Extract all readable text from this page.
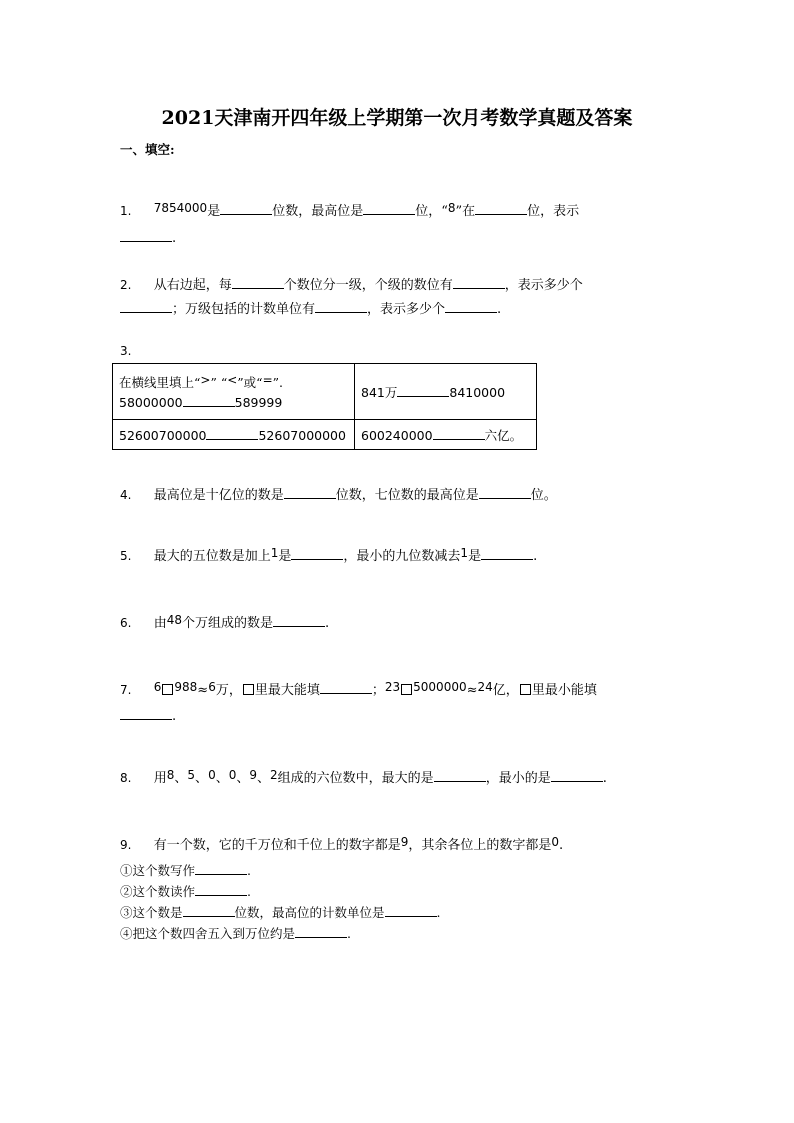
2021天津南开四年级上学期第一次月考数学真题及答案
一、填空:
1. 7854000是	位数，最高位是	位，“8”在	位，表示
.
2. 从右边起，每	个数位分一级，个级的数位有	，表示多少个
；万级包括的计数单位有	，表示多少个	.
3.
在横线里填上“>” “<”或“=”.
58000000 589999	841万 8410000
52600700000 52607000000	600240000 六亿。
4. 最高位是十亿位的数是	位数，七位数的最高位是	位。
5. 最大的五位数是加上1是	，最小的九位数减去1是	.
6. 由48个万组成的数是	.
7. 6 988≈6万， 里最大能填	；23 5000000≈24亿， 里最小能填
.
8. 用8、5、0、0、9、2组成的六位数中，最大的是	，最小的是	.
9. 有一个数，它的千万位和千位上的数字都是9，其余各位上的数字都是0.
①这个数写作	.
②这个数读作	.
③这个数是	位数，最高位的计数单位是	.
④把这个数四舍五入到万位约是	.
